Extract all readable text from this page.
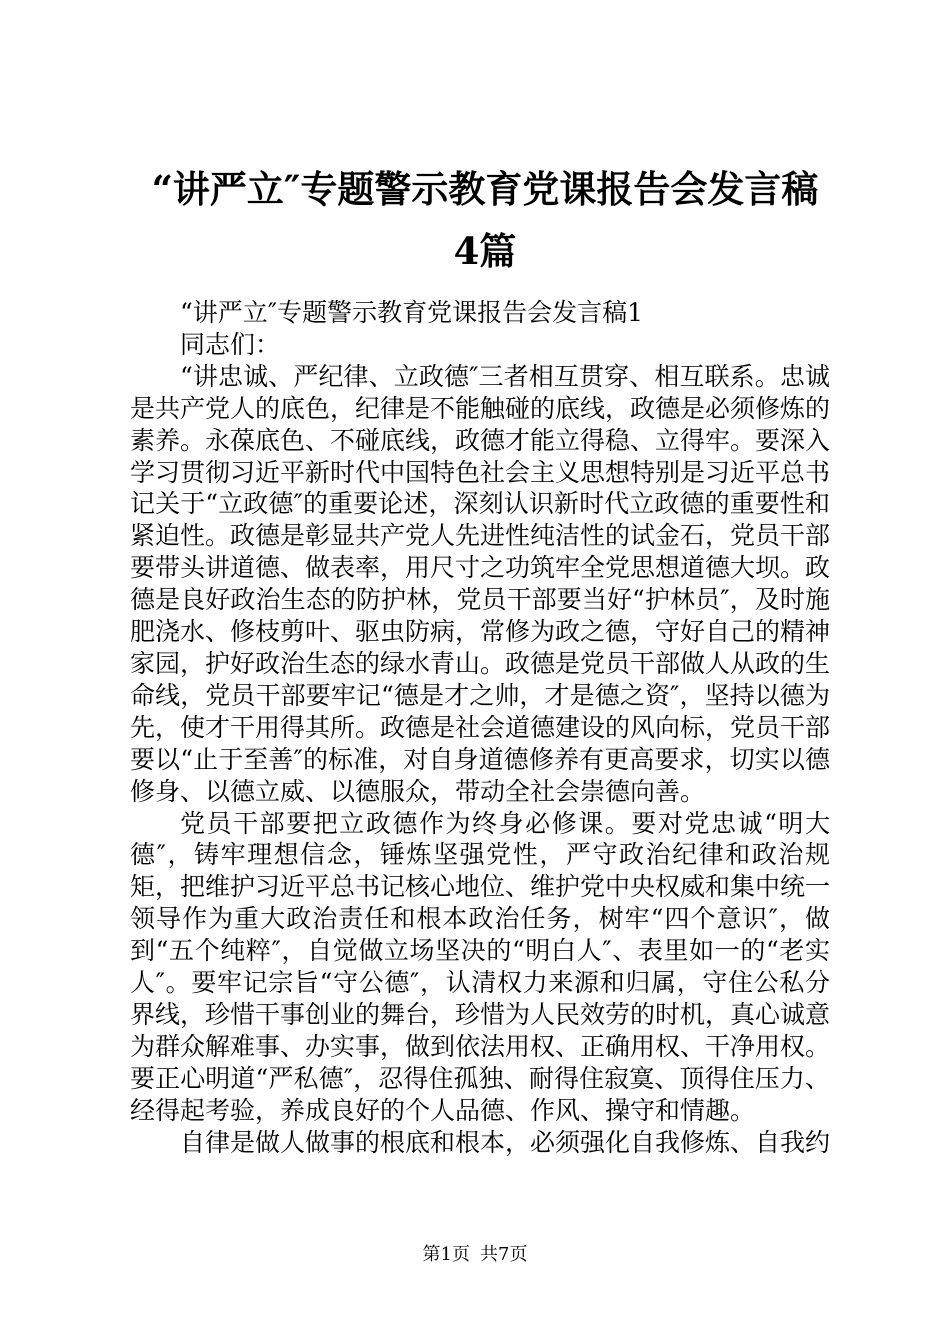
“讲严立″专题警示教育党课报告会发言稿4篇

“讲严立″专题警示教育党课报告会发言稿1

同志们：

“讲忠诚、严纪律、立政德″三者相互贯穿、相互联系。忠诚是共产党人的底色，纪律是不能触碰的底线，政德是必须修炼的素养。永葆底色、不碰底线，政德才能立得稳、立得牢。要深入学习贯彻习近平新时代中国特色社会主义思想特别是习近平总书记关于“立政德″的重要论述，深刻认识新时代立政德的重要性和紧迫性。政德是彰显共产党人先进性纯洁性的试金石，党员干部要带头讲道德、做表率，用尺寸之功筑牢全党思想道德大坝。政德是良好政治生态的防护林，党员干部要当好“护林员″，及时施肥浇水、修枝剪叶、驱虫防病，常修为政之德，守好自己的精神家园，护好政治生态的绿水青山。政德是党员干部做人从政的生命线，党员干部要牢记“德是才之帅，才是德之资″，坚持以德为先，使才干用得其所。政德是社会道德建设的风向标，党员干部要以“止于至善″的标准，对自身道德修养有更高要求，切实以德修身、以德立威、以德服众，带动全社会崇德向善。

党员干部要把立政德作为终身必修课。要对党忠诚“明大德″，铸牢理想信念，锤炼坚强党性，严守政治纪律和政治规矩，把维护习近平总书记核心地位、维护党中央权威和集中统一领导作为重大政治责任和根本政治任务，树牢“四个意识″，做到“五个纯粹″，自觉做立场坚决的“明白人″、表里如一的“老实人″。要牢记宗旨“守公德″，认清权力来源和归属，守住公私分界线，珍惜干事创业的舞台，珍惜为人民效劳的时机，真心诚意为群众解难事、办实事，做到依法用权、正确用权、干净用权。要正心明道“严私德″，忍得住孤独、耐得住寂寞、顶得住压力、经得起考验，养成良好的个人品德、作风、操守和情趣。

自律是做人做事的根底和根本，必须强化自我修炼、自我约

第1页 共7页
